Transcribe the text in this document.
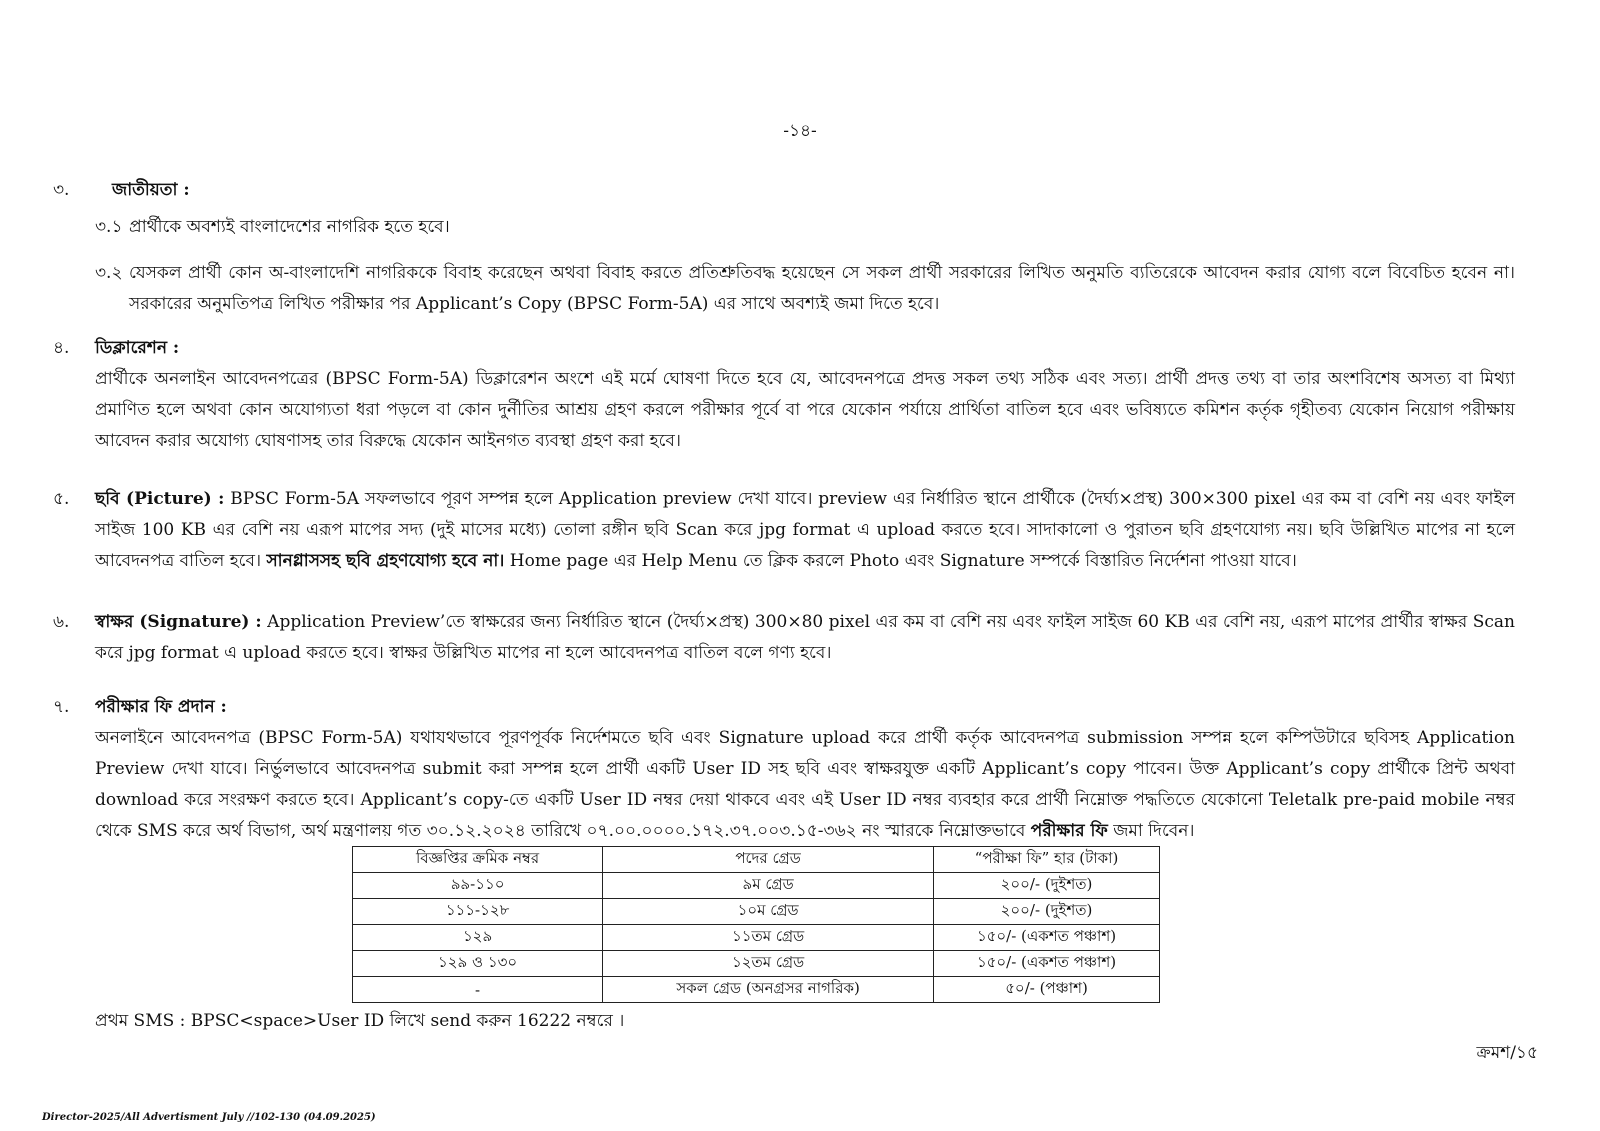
-১৪-
৩.	জাতীয়তা :
৩.১ প্রার্থীকে অবশ্যই বাংলাদেশের নাগরিক হতে হবে।
৩.২ যেসকল প্রার্থী কোন অ-বাংলাদেশি নাগরিককে বিবাহ করেছেন অথবা বিবাহ করতে প্রতিশ্রুতিবদ্ধ হয়েছেন সে সকল প্রার্থী সরকারের লিখিত অনুমতি ব্যতিরেকে আবেদন করার যোগ্য বলে বিবেচিত হবেন না। সরকারের অনুমতিপত্র লিখিত পরীক্ষার পর Applicant’s Copy (BPSC Form-5A) এর সাথে অবশ্যই জমা দিতে হবে।
৪. ডিক্লারেশন :
প্রার্থীকে অনলাইন আবেদনপত্রের (BPSC Form-5A) ডিক্লারেশন অংশে এই মর্মে ঘোষণা দিতে হবে যে, আবেদনপত্রে প্রদত্ত সকল তথ্য সঠিক এবং সত্য। প্রার্থী প্রদত্ত তথ্য বা তার অংশবিশেষ অসত্য বা মিথ্যা প্রমাণিত হলে অথবা কোন অযোগ্যতা ধরা পড়লে বা কোন দুর্নীতির আশ্রয় গ্রহণ করলে পরীক্ষার পূর্বে বা পরে যেকোন পর্যায়ে প্রার্থিতা বাতিল হবে এবং ভবিষ্যতে কমিশন কর্তৃক গৃহীতব্য যেকোন নিয়োগ পরীক্ষায় আবেদন করার অযোগ্য ঘোষণাসহ তার বিরুদ্ধে যেকোন আইনগত ব্যবস্থা গ্রহণ করা হবে।
৫. ছবি (Picture) : BPSC Form-5A সফলভাবে পূরণ সম্পন্ন হলে Application preview দেখা যাবে। preview এর নির্ধারিত স্থানে প্রার্থীকে (দৈর্ঘ্য×প্রস্থ) 300×300 pixel এর কম বা বেশি নয় এবং ফাইল সাইজ 100 KB এর বেশি নয় এরূপ মাপের সদ্য (দুই মাসের মধ্যে) তোলা রঙ্গীন ছবি Scan করে jpg format এ upload করতে হবে। সাদাকালো ও পুরাতন ছবি গ্রহণযোগ্য নয়। ছবি উল্লিখিত মাপের না হলে আবেদনপত্র বাতিল হবে। সানগ্লাসসহ ছবি গ্রহণযোগ্য হবে না। Home page এর Help Menu তে ক্লিক করলে Photo এবং Signature সম্পর্কে বিস্তারিত নির্দেশনা পাওয়া যাবে।
৬. স্বাক্ষর (Signature) : Application Preview’তে স্বাক্ষরের জন্য নির্ধারিত স্থানে (দৈর্ঘ্য×প্রস্থ) 300×80 pixel এর কম বা বেশি নয় এবং ফাইল সাইজ 60 KB এর বেশি নয়, এরূপ মাপের প্রার্থীর স্বাক্ষর Scan করে jpg format এ upload করতে হবে। স্বাক্ষর উল্লিখিত মাপের না হলে আবেদনপত্র বাতিল বলে গণ্য হবে।
৭. পরীক্ষার ফি প্রদান :
অনলাইনে আবেদনপত্র (BPSC Form-5A) যথাযথভাবে পূরণপূর্বক নির্দেশমতে ছবি এবং Signature upload করে প্রার্থী কর্তৃক আবেদনপত্র submission সম্পন্ন হলে কম্পিউটারে ছবিসহ Application Preview দেখা যাবে। নির্ভুলভাবে আবেদনপত্র submit করা সম্পন্ন হলে প্রার্থী একটি User ID সহ ছবি এবং স্বাক্ষরযুক্ত একটি Applicant’s copy পাবেন। উক্ত Applicant’s copy প্রার্থীকে প্রিন্ট অথবা download করে সংরক্ষণ করতে হবে। Applicant’s copy-তে একটি User ID নম্বর দেয়া থাকবে এবং এই User ID নম্বর ব্যবহার করে প্রার্থী নিম্নোক্ত পদ্ধতিতে যেকোনো Teletalk pre-paid mobile নম্বর থেকে SMS করে অর্থ বিভাগ, অর্থ মন্ত্রণালয় গত ৩০.১২.২০২৪ তারিখে ০৭.০০.০০০০.১৭২.৩৭.০০৩.১৫-৩৬২ নং স্মারকে নিম্নোক্তভাবে পরীক্ষার ফি জমা দিবেন।
বিজ্ঞপ্তির ক্রমিক নম্বর	পদের গ্রেড	“পরীক্ষা ফি” হার (টাকা)
৯৯-১১০	৯ম গ্রেড	২০০/- (দুইশত)
১১১-১২৮	১০ম গ্রেড	২০০/- (দুইশত)
১২৯	১১তম গ্রেড	১৫০/- (একশত পঞ্চাশ)
১২৯ ও ১৩০	১২তম গ্রেড	১৫০/- (একশত পঞ্চাশ)
-	সকল গ্রেড (অনগ্রসর নাগরিক)	৫০/- (পঞ্চাশ)
প্রথম SMS : BPSC<space>User ID লিখে send করুন 16222 নম্বরে ।
ক্রমশ/১৫
Director-2025/All Advertisment July //102-130 (04.09.2025)
